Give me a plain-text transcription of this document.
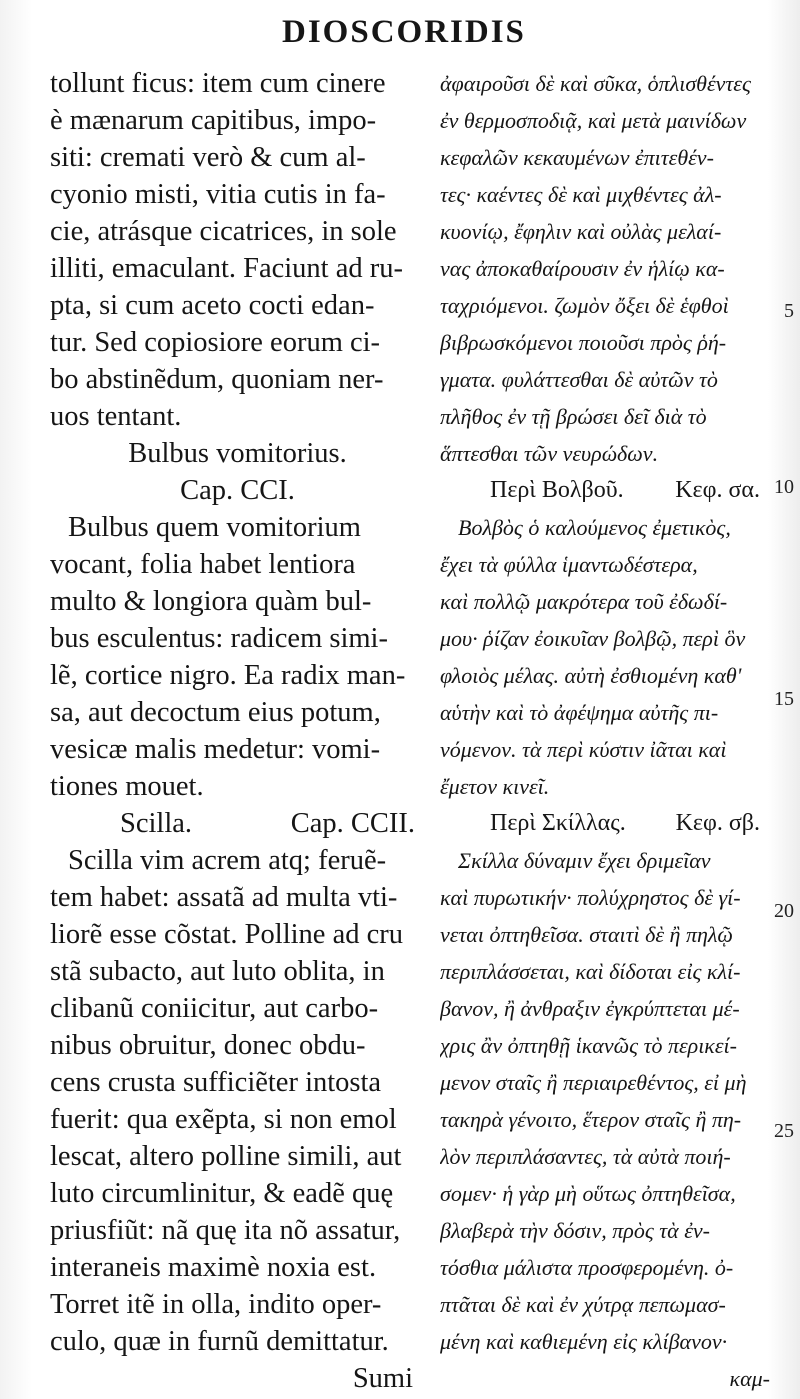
DIOSCORIDIS
tollunt ficus: item cum cinere
è mænarum capitibus, impo-
siti: cremati verò & cum al-
cyonio misti, vitia cutis in fa-
cie, atrásque cicatrices, in sole
illiti, emaculant. Faciunt ad ru-
pta, si cum aceto cocti edan-
tur. Sed copiosiore eorum ci-
bo abstinẽdum, quoniam ner-
uos tentant.
Bulbus vomitorius.
Cap. CCI.
Bulbus quem vomitorium
vocant, folia habet lentiora
multo & longiora quàm bul-
bus esculentus: radicem simi-
lẽ, cortice nigro. Ea radix man-
sa, aut decoctum eius potum,
vesicæ malis medetur: vomi-
tiones mouet.
Scilla.	Cap. CCII.
Scilla vim acrem atq; feruẽ-
tem habet: assatã ad multa vti-
liorẽ esse cõstat. Polline ad cru
stã subacto, aut luto oblita, in
clibanũ coniicitur, aut carbo-
nibus obruitur, donec obdu-
cens crusta sufficiẽter intosta
fuerit: qua exẽpta, si non emol
lescat, altero polline simili, aut
luto circumlinitur, & eadẽ quę
priusfiũt: nã quę ita nõ assatur,
interaneis maximè noxia est.
Torret itẽ in olla, indito oper-
culo, quæ in furnũ demittatur.
Sumi
ἀφαιροῦσι δὲ καὶ σῦκα, ὁπλισθέντες
ἐν θερμοσποδιᾷ, καὶ μετὰ μαινίδων
κεφαλῶν κεκαυμένων ἐπιτεθέν-
τες· καέντες δὲ καὶ μιχθέντες ἀλ-
κυονίῳ, ἔφηλιν καὶ οὐλὰς μελαί-
νας ἀποκαθαίρουσιν ἐν ἡλίῳ κα-
ταχριόμενοι. ζωμὸν ὄξει δὲ ἑφθοὶ
βιβρωσκόμενοι ποιοῦσι πρὸς ῥή-
γματα. φυλάττεσθαι δὲ αὐτῶν τὸ
πλῆθος ἐν τῇ βρώσει δεῖ διὰ τὸ
ἅπτεσθαι τῶν νευρώδων.
Περὶ Βολβοῦ. Κεφ. σα.
Βολβὸς ὁ καλούμενος ἐμετικὸς,
ἔχει τὰ φύλλα ἱμαντωδέστερα,
καὶ πολλῷ μακρότερα τοῦ ἐδωδί-
μου· ῥίζαν ἐοικυῖαν βολβῷ, περὶ ὃν
φλοιὸς μέλας. αὐτὴ ἐσθιομένη καθ'
αὑτὴν καὶ τὸ ἀφέψημα αὐτῆς πι-
νόμενον. τὰ περὶ κύστιν ἰᾶται καὶ
ἔμετον κινεῖ.
Περὶ Σκίλλας. Κεφ. σβ.
Σκίλλα δύναμιν ἔχει δριμεῖαν
καὶ πυρωτικήν· πολύχρηστος δὲ γί-
νεται ὀπτηθεῖσα. σταιτὶ δὲ ἢ πηλῷ
περιπλάσσεται, καὶ δίδοται εἰς κλί-
βανον, ἢ ἀνθραξιν ἐγκρύπτεται μέ-
χρις ἂν ὀπτηθῇ ἱκανῶς τὸ περικεί-
μενον σταῖς ἢ περιαιρεθέντος, εἰ μὴ
τακηρὰ γένοιτο, ἕτερον σταῖς ἢ πη-
λὸν περιπλάσαντες, τὰ αὐτὰ ποιή-
σομεν· ἡ γὰρ μὴ οὕτως ὀπτηθεῖσα,
βλαβερὰ τὴν δόσιν, πρὸς τὰ ἐν-
τόσθια μάλιστα προσφερομένη. ὀ-
πτᾶται δὲ καὶ ἐν χύτρᾳ πεπωμασ-
μένη καὶ καθιεμένη εἰς κλίβανον·
καμ-
5
10
15
20
25
